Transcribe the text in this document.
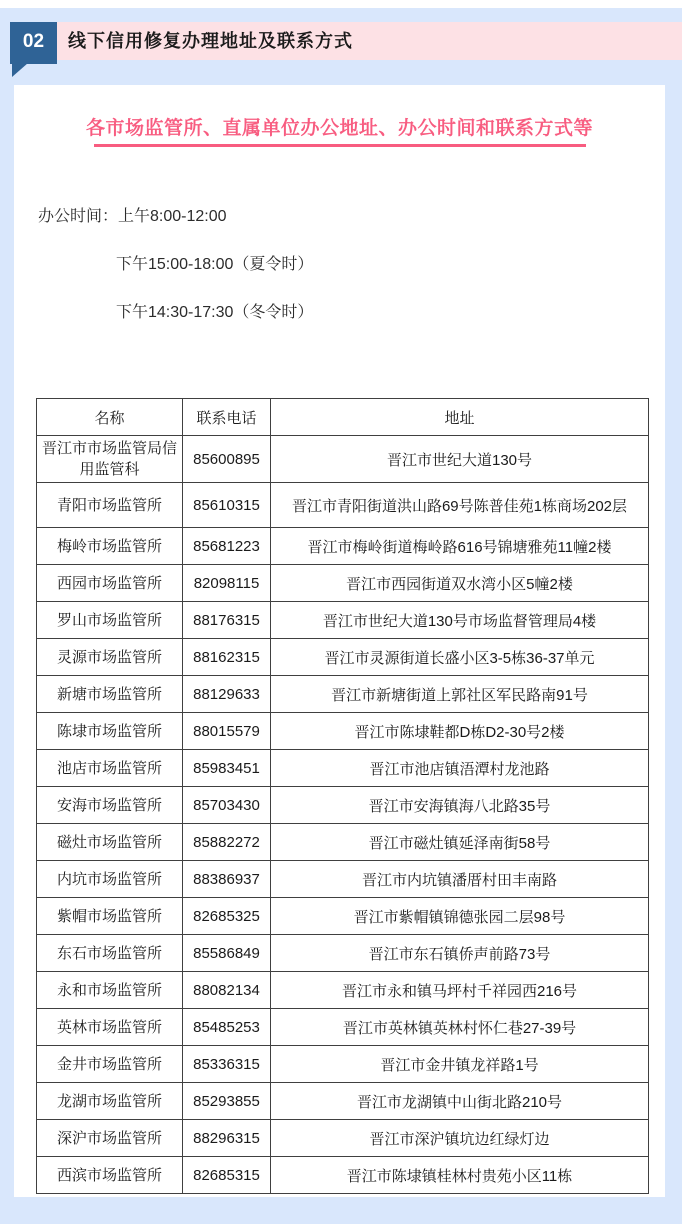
线下信用修复办理地址及联系方式
02
各市场监管所、直属单位办公地址、办公时间和联系方式等
办公时间：上午8:00-12:00
下午15:00-18:00（夏令时）
下午14:30-17:30（冬令时）
名称	联系电话	地址
晋江市市场监管局信用监管科	85600895	晋江市世纪大道130号
青阳市场监管所	85610315	晋江市青阳街道洪山路69号陈普佳苑1栋商场202层
梅岭市场监管所	85681223	晋江市梅岭街道梅岭路616号锦塘雅苑11幢2楼
西园市场监管所	82098115	晋江市西园街道双水湾小区5幢2楼
罗山市场监管所	88176315	晋江市世纪大道130号市场监督管理局4楼
灵源市场监管所	88162315	晋江市灵源街道长盛小区3-5栋36-37单元
新塘市场监管所	88129633	晋江市新塘街道上郭社区军民路南91号
陈埭市场监管所	88015579	晋江市陈埭鞋都D栋D2-30号2楼
池店市场监管所	85983451	晋江市池店镇浯潭村龙池路
安海市场监管所	85703430	晋江市安海镇海八北路35号
磁灶市场监管所	85882272	晋江市磁灶镇延泽南街58号
内坑市场监管所	88386937	晋江市内坑镇潘厝村田丰南路
紫帽市场监管所	82685325	晋江市紫帽镇锦德张园二层98号
东石市场监管所	85586849	晋江市东石镇侨声前路73号
永和市场监管所	88082134	晋江市永和镇马坪村千祥园西216号
英林市场监管所	85485253	晋江市英林镇英林村怀仁巷27-39号
金井市场监管所	85336315	晋江市金井镇龙祥路1号
龙湖市场监管所	85293855	晋江市龙湖镇中山街北路210号
深沪市场监管所	88296315	晋江市深沪镇坑边红绿灯边
西滨市场监管所	82685315	晋江市陈埭镇桂林村贵苑小区11栋
